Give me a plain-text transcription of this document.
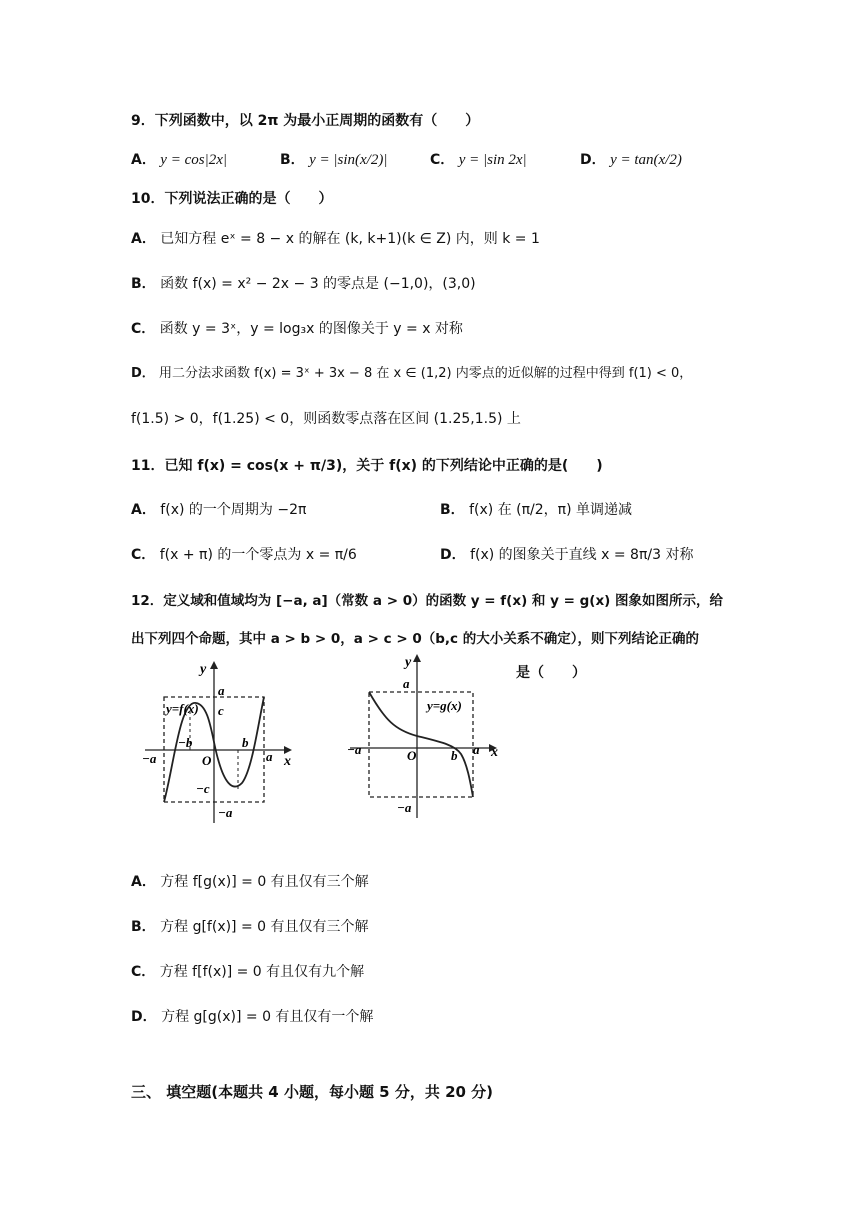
9．下列函数中，以 2π 为最小正周期的函数有（　　）
A． y = cos|2x|	B． y = |sin(x/2)|	C． y = |sin 2x|	D． y = tan(x/2)
10．下列说法正确的是（　　）
A． 已知方程 eˣ = 8 − x 的解在 (k, k+1)(k ∈ Z) 内，则 k = 1
B． 函数 f(x) = x² − 2x − 3 的零点是 (−1,0)，(3,0)
C． 函数 y = 3ˣ，y = log₃x 的图像关于 y = x 对称
D． 用二分法求函数 f(x) = 3ˣ + 3x − 8 在 x ∈ (1,2) 内零点的近似解的过程中得到 f(1) < 0，
f(1.5) > 0，f(1.25) < 0，则函数零点落在区间 (1.25,1.5) 上
11．已知 f(x) = cos(x + π/3)，关于 f(x) 的下列结论中正确的是(　　)
A． f(x) 的一个周期为 −2π	B． f(x) 在 (π/2，π) 单调递减
C． f(x + π) 的一个零点为 x = π/6	D． f(x) 的图象关于直线 x = 8π/3 对称
12．定义域和值域均为 [−a, a]（常数 a > 0）的函数 y = f(x) 和 y = g(x) 图象如图所示，给
出下列四个命题，其中 a > b > 0，a > c > 0（b,c 的大小关系不确定），则下列结论正确的
是（　　）
y
x
y=f(x)
a
c
−b	b
−a	a
O
−c
−a
y
x
y=g(x)
a
−a	O	b a
−a
A． 方程 f[g(x)] = 0 有且仅有三个解
B． 方程 g[f(x)] = 0 有且仅有三个解
C． 方程 f[f(x)] = 0 有且仅有九个解
D． 方程 g[g(x)] = 0 有且仅有一个解
三、 填空题(本题共 4 小题，每小题 5 分，共 20 分)
